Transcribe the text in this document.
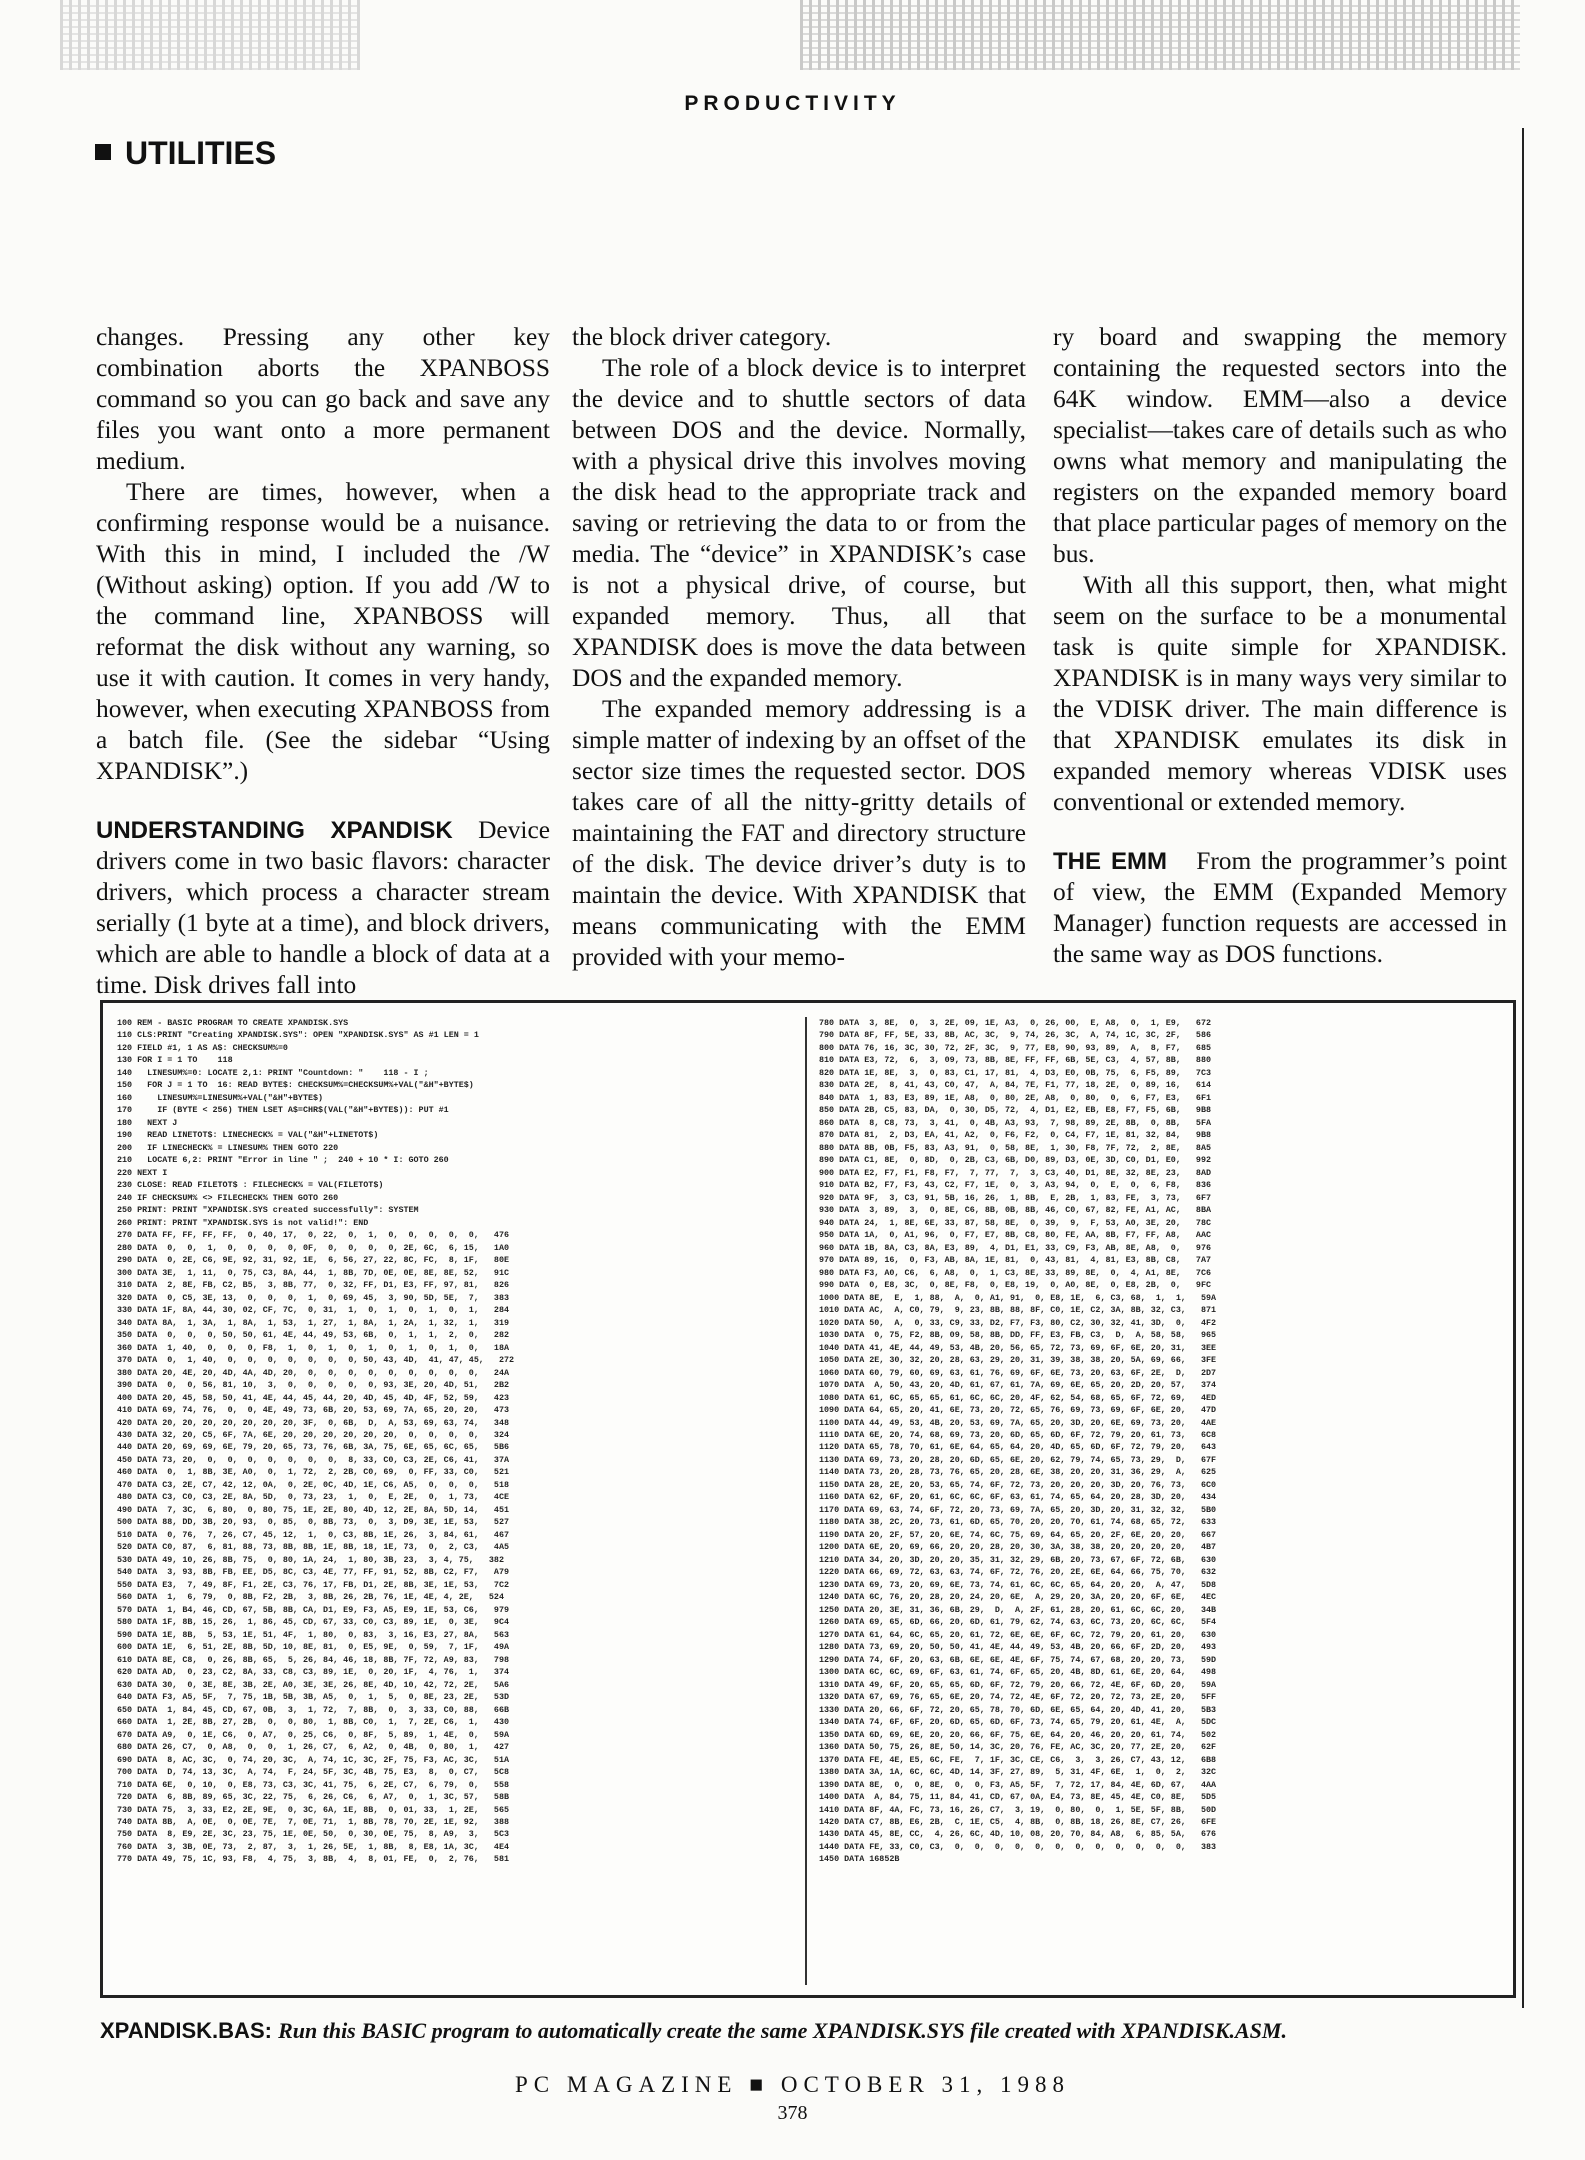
PRODUCTIVITY
UTILITIES

changes. Pressing any other key combination aborts the XPANBOSS command so you can go back and save any files you want onto a more permanent medium.

There are times, however, when a confirming response would be a nuisance. With this in mind, I included the /W (Without asking) option. If you add /W to the command line, XPANBOSS will reformat the disk without any warning, so use it with caution. It comes in very handy, however, when executing XPANBOSS from a batch file. (See the sidebar “Using XPANDISK”.)

UNDERSTANDING XPANDISK Device drivers come in two basic flavors: character drivers, which process a character stream serially (1 byte at a time), and block drivers, which are able to handle a block of data at a time. Disk drives fall into

the block driver category.

The role of a block device is to interpret the device and to shuttle sectors of data between DOS and the device. Normally, with a physical drive this involves moving the disk head to the appropriate track and saving or retrieving the data to or from the media. The “device” in XPANDISK’s case is not a physical drive, of course, but expanded memory. Thus, all that XPANDISK does is move the data between DOS and the expanded memory.

The expanded memory addressing is a simple matter of indexing by an offset of the sector size times the requested sector. DOS takes care of all the nitty-gritty details of maintaining the FAT and directory structure of the disk. The device driver’s duty is to maintain the device. With XPANDISK that means communicating with the EMM provided with your memo-

ry board and swapping the memory containing the requested sectors into the 64K window. EMM—also a device specialist—takes care of details such as who owns what memory and manipulating the registers on the expanded memory board that place particular pages of memory on the bus.

With all this support, then, what might seem on the surface to be a monumental task is quite simple for XPANDISK. XPANDISK is in many ways very similar to the VDISK driver. The main difference is that XPANDISK emulates its disk in expanded memory whereas VDISK uses conventional or extended memory.

THE EMM From the programmer’s point of view, the EMM (Expanded Memory Manager) function requests are accessed in the same way as DOS functions.

100 REM - BASIC PROGRAM TO CREATE XPANDISK.SYS
110 CLS:PRINT "Creating XPANDISK.SYS": OPEN "XPANDISK.SYS" AS #1 LEN = 1
120 FIELD #1, 1 AS A$: CHECKSUM%=0
130 FOR I = 1 TO    118
140   LINESUM%=0: LOCATE 2,1: PRINT "Countdown: "    118 - I ;
150   FOR J = 1 TO  16: READ BYTE$: CHECKSUM%=CHECKSUM%+VAL("&H"+BYTE$)
160     LINESUM%=LINESUM%+VAL("&H"+BYTE$)
170     IF (BYTE < 256) THEN LSET A$=CHR$(VAL("&H"+BYTE$)): PUT #1
180   NEXT J
190   READ LINETOT$: LINECHECK% = VAL("&H"+LINETOT$)
200   IF LINECHECK% = LINESUM% THEN GOTO 220
210   LOCATE 6,2: PRINT "Error in line " ;  240 + 10 * I: GOTO 260
220 NEXT I
230 CLOSE: READ FILETOT$ : FILECHECK% = VAL(FILETOT$)
240 IF CHECKSUM% <> FILECHECK% THEN GOTO 260
250 PRINT: PRINT "XPANDISK.SYS created successfully": SYSTEM
260 PRINT: PRINT "XPANDISK.SYS is not valid!": END
270 DATA FF, FF, FF, FF,  0, 40, 17,  0, 22,  0,  1,  0,  0,  0,  0,  0,   476
280 DATA  0,  0,  1,  0,  0,  0,  0, 0F,  0,  0,  0,  0, 2E, 6C,  6, 15,   1A0
290 DATA  0, 2E, C6, 9E, 92, 31, 92, 1E,  6, 56, 27, 22, 8C, FC,  8, 1F,   80E
300 DATA 3E,  1, 11,  0, 75, C3, 8A, 44,  1, 8B, 7D, 0E, 0E, 8E, 8E, 52,   91C
310 DATA  2, 8E, FB, C2, B5,  3, 8B, 77,  0, 32, FF, D1, E3, FF, 97, 81,   826
320 DATA  0, C5, 3E, 13,  0,  0,  0,  1,  0, 69, 45,  3, 90, 5D, 5E,  7,   383
330 DATA 1F, 8A, 44, 30, 02, CF, 7C,  0, 31,  1,  0,  1,  0,  1,  0,  1,   284
340 DATA 8A,  1, 3A,  1, 8A,  1, 53,  1, 27,  1, 8A,  1, 2A,  1, 32,  1,   319
350 DATA  0,  0,  0, 50, 50, 61, 4E, 44, 49, 53, 6B,  0,  1,  1,  2,  0,   282
360 DATA  1, 40,  0,  0,  0, F8,  1,  0,  1,  0,  1,  0,  1,  0,  1,  0,   18A
370 DATA  0,  1, 40,  0,  0,  0,  0,  0,  0,  0, 50, 43, 4D,  41, 47, 45,   272
380 DATA 20, 4E, 20, 4D, 4A, 4D, 20,  0,  0,  0,  0,  0,  0,  0,  0,  0,   24A
390 DATA  0,  0, 56, 81, 10,  3,  0,  0,  0,  0,  0, 93, 3E, 20, 4D, 51,   2B2
400 DATA 20, 45, 58, 50, 41, 4E, 44, 45, 44, 20, 4D, 45, 4D, 4F, 52, 59,   423
410 DATA 69, 74, 76,  0,  0, 4E, 49, 73, 6B, 20, 53, 69, 7A, 65, 20, 20,   473
420 DATA 20, 20, 20, 20, 20, 20, 20, 3F,  0, 6B,  D,  A, 53, 69, 63, 74,   348
430 DATA 32, 20, C5, 6F, 7A, 6E, 20, 20, 20, 20, 20, 20,  0,  0,  0,  0,   324
440 DATA 20, 69, 69, 6E, 79, 20, 65, 73, 76, 6B, 3A, 75, 6E, 65, 6C, 65,   5B6
450 DATA 73, 20,  0,  0,  0,  0,  0,  0,  0,  8, 33, C0, C3, 2E, C6, 41,   37A
460 DATA  0,  1, 8B, 3E, A0,  0,  1, 72,  2, 2B, C0, 69,  0, FF, 33, C0,   521
470 DATA C3, 2E, C7, 42, 12, 0A,  0, 2E, 0C, 4D, 1E, C6, A5,  0,  0,  0,   518
480 DATA C3, C0, C3, 2E, 8A, 5D,  0, 73, 23,  1,  0,  E, 2E,  0,  1, 73,   4CE
490 DATA  7, 3C,  6, 80,  0, 80, 75, 1E, 2E, 80, 4D, 12, 2E, 8A, 5D, 14,   451
500 DATA 88, DD, 3B, 20, 93,  0, 85,  0, 8B, 73,  0,  3, D9, 3E, 1E, 53,   527
510 DATA  0, 76,  7, 26, C7, 45, 12,  1,  0, C3, 8B, 1E, 26,  3, 84, 61,   467
520 DATA C0, 87,  6, 81, 88, 73, 8B, 8B, 1E, 8B, 18, 1E, 73,  0,  2, C3,   4A5
530 DATA 49, 10, 26, 8B, 75,  0, 80, 1A, 24,  1, 80, 3B, 23,  3, 4, 75,   382
540 DATA  3, 93, 8B, FB, EE, D5, 8C, C3, 4E, 77, FF, 91, 52, 8B, C2, F7,   A79
550 DATA E3,  7, 49, 8F, F1, 2E, C3, 76, 17, FB, D1, 2E, 8B, 3E, 1E, 53,   7C2
560 DATA  1,  6, 79,  0, 8B, F2, 2B,  3, 8B, 26, 2B, 76, 1E, 4E, 4, 2E,   524
570 DATA  1, B4, 46, CD, 67, 5B, 8B, CA, D1, E9, F3, A5, E9, 1E, 53, C6,   979
580 DATA 1F, 8B, 15, 26,  1, 86, 45, CD, 67, 33, C0, C3, 89, 1E,  0, 3E,   9C4
590 DATA 1E, 8B,  5, 53, 1E, 51, 4F,  1, 80,  0, 83,  3, 16, E3, 27, 8A,   563
600 DATA 1E,  6, 51, 2E, 8B, 5D, 10, 8E, 81,  0, E5, 9E,  0, 59,  7, 1F,   49A
610 DATA 8E, C8,  0, 26, 8B, 65,  5, 26, 84, 46, 18, 8B, 7F, 72, A9, 83,   798
620 DATA AD,  0, 23, C2, 8A, 33, C8, C3, 89, 1E,  0, 20, 1F,  4, 76,  1,   374
630 DATA 30,  0, 3E, 8E, 3B, 2E, A0, 3E, 3E, 26, 8E, 4D, 10, 42, 72, 2E,   5A6
640 DATA F3, A5, 5F,  7, 75, 1B, 5B, 3B, A5,  0,  1,  5,  0, 8E, 23, 2E,   53D
650 DATA  1, 84, 45, CD, 67, 0B,  3,  1, 72,  7, 8B,  0,  3, 33, C0, 88,   66B
660 DATA  1, 2E, 8B, 27, 2B,  0,  0, 80,  1, 8B, C0,  1,  7, 2E, C6,  1,   430
670 DATA A9,  0, 1E, C6,  0, A7,  0, 25, C6,  0, 8F,  5, 89,  1, 4E,  0,   59A
680 DATA 26, C7,  0, A8,  0,  0,  1, 26, C7,  6, A2,  0, 4B,  0, 80,  1,   427
690 DATA  8, AC, 3C,  0, 74, 20, 3C,  A, 74, 1C, 3C, 2F, 75, F3, AC, 3C,   51A
700 DATA  D, 74, 13, 3C,  A, 74,  F, 24, 5F, 3C, 4B, 75, E3,  8,  0, C7,   5C8
710 DATA 6E,  0, 10,  0, E8, 73, C3, 3C, 41, 75,  6, 2E, C7,  6, 79,  0,   558
720 DATA  6, 8B, 89, 65, 3C, 22, 75,  6, 26, C6,  6, A7,  0,  1, 3C, 57,   58B
730 DATA 75,  3, 33, E2, 2E, 9E,  0, 3C, 6A, 1E, 8B,  0, 01, 33,  1, 2E,   565
740 DATA 8B,  A, 0E,  0, 0E, 7E,  7, 0E, 71,  1, 8B, 78, 70, 2E, 1E, 92,   388
750 DATA  8, E9, 2E, 3C, 23, 75, 1E, 0E, 50,  0, 30, 0E, 75,  8, A9,  3,   5C3
760 DATA  3, 3B, 0E, 73,  2, 87,  3,  1, 26, 5E,  1, 8B,  8, E8, 1A, 3C,   4E4
770 DATA 49, 75, 1C, 93, F8,  4, 75,  3, 8B,  4,  8, 01, FE,  0,  2, 76,   581
780 DATA  3, 8E,  0,  3, 2E, 09, 1E, A3,  0, 26, 00,  E, A8,  0,  1, E9,   672
790 DATA 8F, FF, 5E, 33, 8B, AC, 3C,  9, 74, 26, 3C,  A, 74, 1C, 3C, 2F,   586
800 DATA 76, 16, 3C, 30, 72, 2F, 3C,  9, 77, E8, 90, 93, 89,  A,  8, F7,   685
810 DATA E3, 72,  6,  3, 09, 73, 8B, 8E, FF, FF, 6B, 5E, C3,  4, 57, 8B,   880
820 DATA 1E, 8E,  3,  0, 83, C1, 17, 81,  4, D3, E0, 0B, 75,  6, F5, 89,   7C3
830 DATA 2E,  8, 41, 43, C0, 47,  A, 84, 7E, F1, 77, 18, 2E,  0, 89, 16,   614
840 DATA  1, 83, E3, 89, 1E, A8,  0, 80, 2E, A8,  0, 80,  0,  6, F7, E3,   6F1
850 DATA 2B, C5, 83, DA,  0, 30, D5, 72,  4, D1, E2, EB, E8, F7, F5, 6B,   9B8
860 DATA  8, C8, 73,  3, 41,  0, 4B, A3, 93,  7, 98, 89, 2E, 8B,  0, 8B,   5FA
870 DATA 81,  2, D3, EA, 41, A2,  0, F6, F2,  0, C4, F7, 1E, 81, 32, 84,   9B8
880 DATA 8B, 0B, F5, 83, A3, 91,  0, 58, 8E,  1, 30, F8, 7F, 72,  2, 8E,   8A5
890 DATA C1, 8E,  0, 8D,  0, 2B, C3, 6B, D0, 89, D3, 0E, 3D, C0, D1, E0,   992
900 DATA E2, F7, F1, F8, F7,  7, 77,  7,  3, C3, 40, D1, 8E, 32, 8E, 23,   8AD
910 DATA B2, F7, F3, 43, C2, F7, 1E,  0,  3, A3, 94,  0,  E,  0,  6, F8,   836
920 DATA 9F,  3, C3, 91, 5B, 16, 26,  1, 8B,  E, 2B,  1, 83, FE,  3, 73,   6F7
930 DATA  3, 89,  3,  0, 8E, C6, 8B, 0B, 8B, 46, C0, 67, 82, FE, A1, AC,   8BA
940 DATA 24,  1, 8E, 6E, 33, 87, 58, 8E,  0, 39,  9,  F, 53, A0, 3E, 20,   78C
950 DATA 1A,  0, A1, 96,  0, F7, E7, 8B, C8, 80, FE, AA, 8B, F7, FF, A8,   AAC
960 DATA 1B, 8A, C3, 8A, E3, 89,  4, D1, E1, 33, C9, F3, AB, 8E, A8,  0,   976
970 DATA 89, 16,  0, F3, AB, 8A, 1E, 81,  0, 43, 81,  4, 81, E3, 8B, C8,   7A7
980 DATA F3, A0, C6,  6, A8,  0,  1, C3, 8E, 33, 89, 8E,  0,  4, A1, 8E,   7C6
990 DATA  0, E8, 3C,  0, 8E, F8,  0, E8, 19,  0, A0, 8E,  0, E8, 2B,  0,   9FC
1000 DATA 8E,  E,  1, 88,  A,  0, A1, 91,  0, E8, 1E,  6, C3, 68,  1,  1,   59A
1010 DATA AC,  A, C0, 79,  9, 23, 8B, 88, 8F, C0, 1E, C2, 3A, 8B, 32, C3,   871
1020 DATA 50,  A,  0, 33, C9, 33, D2, F7, F3, 80, C2, 30, 32, 41, 3D,  0,   4F2
1030 DATA  0, 75, F2, 8B, 09, 58, 8B, DD, FF, E3, FB, C3,  D,  A, 58, 58,   965
1040 DATA 41, 4E, 44, 49, 53, 4B, 20, 56, 65, 72, 73, 69, 6F, 6E, 20, 31,   3EE
1050 DATA 2E, 30, 32, 20, 28, 63, 29, 20, 31, 39, 38, 38, 20, 5A, 69, 66,   3FE
1060 DATA 60, 79, 60, 69, 63, 61, 76, 69, 6F, 6E, 73, 20, 63, 6F, 2E,  D,   2D7
1070 DATA  A, 50, 43, 20, 4D, 61, 67, 61, 7A, 69, 6E, 65, 20, 2D, 20, 57,   374
1080 DATA 61, 6C, 65, 65, 61, 6C, 6C, 20, 4F, 62, 54, 68, 65, 6F, 72, 69,   4ED
1090 DATA 64, 65, 20, 41, 6E, 73, 20, 72, 65, 76, 69, 73, 69, 6F, 6E, 20,   47D
1100 DATA 44, 49, 53, 4B, 20, 53, 69, 7A, 65, 20, 3D, 20, 6E, 69, 73, 20,   4AE
1110 DATA 6E, 20, 74, 68, 69, 73, 20, 6D, 65, 6D, 6F, 72, 79, 20, 61, 73,   6C8
1120 DATA 65, 78, 70, 61, 6E, 64, 65, 64, 20, 4D, 65, 6D, 6F, 72, 79, 20,   643
1130 DATA 69, 73, 20, 28, 20, 6D, 65, 6E, 20, 62, 79, 74, 65, 73, 29,  D,   67F
1140 DATA 73, 20, 28, 73, 76, 65, 20, 28, 6E, 38, 20, 20, 31, 36, 29,  A,   625
1150 DATA 28, 2E, 20, 53, 65, 74, 6F, 72, 73, 20, 20, 20, 3D, 20, 76, 73,   6C0
1160 DATA 62, 6F, 20, 61, 6C, 6C, 6F, 63, 61, 74, 65, 64, 20, 28, 3D, 20,   434
1170 DATA 69, 63, 74, 6F, 72, 20, 73, 69, 7A, 65, 20, 3D, 20, 31, 32, 32,   5B0
1180 DATA 38, 2C, 20, 73, 61, 6D, 65, 70, 20, 20, 70, 61, 74, 68, 65, 72,   633
1190 DATA 20, 2F, 57, 20, 6E, 74, 6C, 75, 69, 64, 65, 20, 2F, 6E, 20, 20,   667
1200 DATA 6E, 20, 69, 66, 20, 20, 28, 20, 30, 3A, 38, 38, 20, 20, 20, 20,   4B7
1210 DATA 34, 20, 3D, 20, 20, 35, 31, 32, 29, 6B, 20, 73, 67, 6F, 72, 6B,   630
1220 DATA 66, 69, 72, 63, 63, 74, 6F, 72, 76, 20, 2E, 6E, 64, 66, 75, 70,   632
1230 DATA 69, 73, 20, 69, 6E, 73, 74, 61, 6C, 6C, 65, 64, 20, 20,  A, 47,   5D8
1240 DATA 6C, 76, 20, 28, 20, 24, 20, 6E,  A, 29, 20, 3A, 20, 20, 6F, 6E,   4EC
1250 DATA 20, 3E, 31, 36, 6B, 29,  D,  A, 2F, 61, 28, 20, 61, 6C, 6C, 20,   34B
1260 DATA 69, 65, 6D, 66, 20, 6D, 61, 79, 62, 74, 63, 6C, 73, 20, 6C, 6C,   5F4
1270 DATA 61, 64, 6C, 65, 20, 61, 72, 6E, 6E, 6F, 6C, 72, 79, 20, 61, 20,   630
1280 DATA 73, 69, 20, 50, 50, 41, 4E, 44, 49, 53, 4B, 20, 66, 6F, 2D, 20,   493
1290 DATA 74, 6F, 20, 63, 6B, 6E, 6E, 4E, 6F, 75, 74, 67, 68, 20, 20, 73,   59D
1300 DATA 6C, 6C, 69, 6F, 63, 61, 74, 6F, 65, 20, 4B, 8D, 61, 6E, 20, 64,   498
1310 DATA 49, 6F, 20, 65, 65, 6D, 6F, 72, 79, 20, 66, 72, 4E, 6F, 6D, 20,   59A
1320 DATA 67, 69, 76, 65, 6E, 20, 74, 72, 4E, 6F, 72, 20, 72, 73, 2E, 20,   5FF
1330 DATA 20, 66, 6F, 72, 20, 65, 78, 70, 6D, 6E, 65, 64, 20, 4D, 41, 20,   5B3
1340 DATA 74, 6F, 6F, 20, 6D, 65, 6D, 6F, 73, 74, 65, 79, 20, 61, 4E,  A,   5DC
1350 DATA 6D, 69, 6E, 20, 20, 66, 6F, 75, 6E, 64, 20, 46, 20, 20, 61, 74,   502
1360 DATA 50, 75, 26, 8E, 50, 14, 3C, 20, 76, FE, AC, 3C, 20, 77, 2E, 20,   62F
1370 DATA FE, 4E, E5, 6C, FE,  7, 1F, 3C, CE, C6,  3,  3, 26, C7, 43, 12,   6B8
1380 DATA 3A, 1A, 6C, 6C, 4D, 14, 3F, 27, 89,  5, 31, 4F, 6E,  1,  0,  2,   32C
1390 DATA 8E,  0,  0, 8E,  0,  0, F3, A5, 5F,  7, 72, 17, 84, 4E, 6D, 67,   4AA
1400 DATA  A, 84, 75, 11, 84, 41, CD, 67, 0A, E4, 73, 8E, 45, 4E, C0, 8E,   5D5
1410 DATA 8F, 4A, FC, 73, 16, 26, C7,  3, 19,  0, 80,  0,  1, 5E, 5F, 8B,   50D
1420 DATA C7, 8B, E6, 2B,  C, 1E, C5,  4, 8B,  0, 8B, 18, 26, 8E, C7, 26,   6FE
1430 DATA 45, 8E, CC,  4, 26, 6C, 4D, 10, 08, 20, 70, 84, A8,  6, 85, 5A,   676
1440 DATA FE, 33, C0, C3,  0,  0,  0,  0,  0,  0,  0,  0,  0,  0,  0,  0,   383
1450 DATA 16852B
XPANDISK.BAS: Run this BASIC program to automatically create the same XPANDISK.SYS file created with XPANDISK.ASM.
PC MAGAZINE ■ OCTOBER 31, 1988
378
